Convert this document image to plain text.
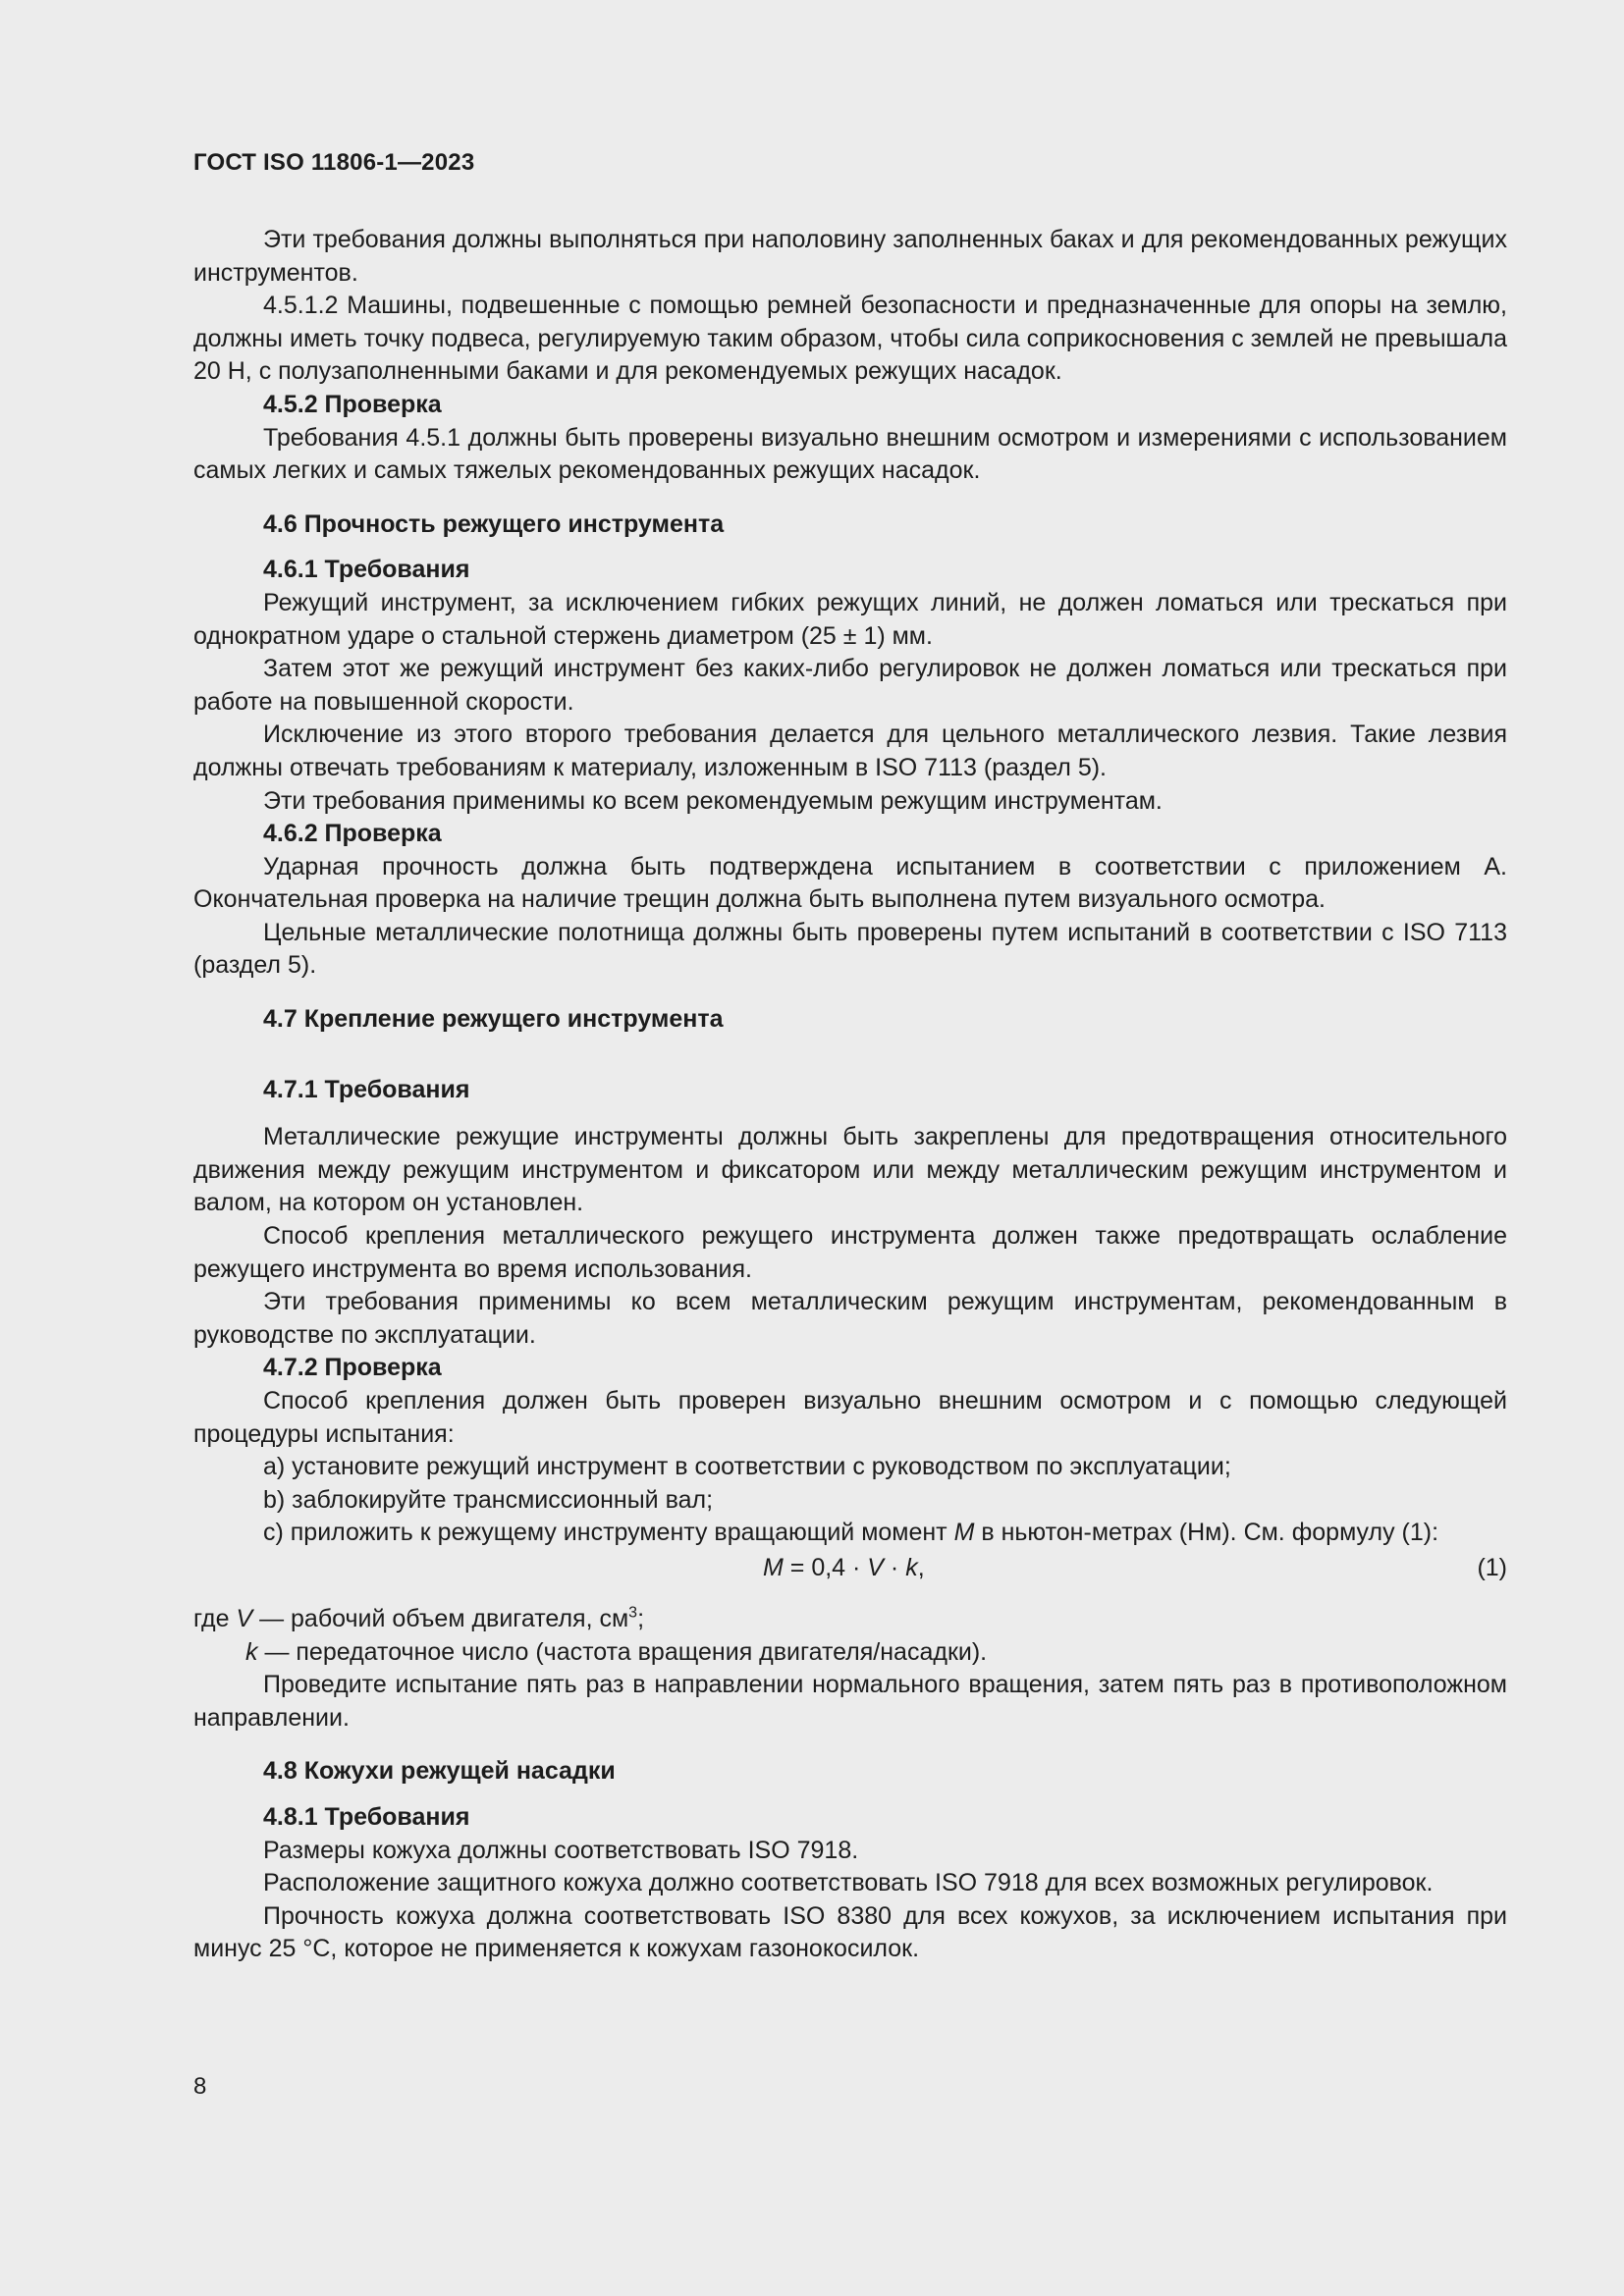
ГОСТ ISO 11806-1—2023

Эти требования должны выполняться при наполовину заполненных баках и для рекомендованных режущих инструментов.

4.5.1.2 Машины, подвешенные с помощью ремней безопасности и предназначенные для опоры на землю, должны иметь точку подвеса, регулируемую таким образом, чтобы сила соприкосновения с землей не превышала 20 Н, с полузаполненными баками и для рекомендуемых режущих насадок.

4.5.2 Проверка

Требования 4.5.1 должны быть проверены визуально внешним осмотром и измерениями с использованием самых легких и самых тяжелых рекомендованных режущих насадок.

4.6 Прочность режущего инструмента

4.6.1 Требования

Режущий инструмент, за исключением гибких режущих линий, не должен ломаться или трескаться при однократном ударе о стальной стержень диаметром (25 ± 1) мм.

Затем этот же режущий инструмент без каких-либо регулировок не должен ломаться или трескаться при работе на повышенной скорости.

Исключение из этого второго требования делается для цельного металлического лезвия. Такие лезвия должны отвечать требованиям к материалу, изложенным в ISO 7113 (раздел 5).

Эти требования применимы ко всем рекомендуемым режущим инструментам.

4.6.2 Проверка

Ударная прочность должна быть подтверждена испытанием в соответствии с приложением А. Окончательная проверка на наличие трещин должна быть выполнена путем визуального осмотра.

Цельные металлические полотнища должны быть проверены путем испытаний в соответствии с ISO 7113 (раздел 5).

4.7 Крепление режущего инструмента

4.7.1 Требования

Металлические режущие инструменты должны быть закреплены для предотвращения относительного движения между режущим инструментом и фиксатором или между металлическим режущим инструментом и валом, на котором он установлен.

Способ крепления металлического режущего инструмента должен также предотвращать ослабление режущего инструмента во время использования.

Эти требования применимы ко всем металлическим режущим инструментам, рекомендованным в руководстве по эксплуатации.

4.7.2 Проверка

Способ крепления должен быть проверен визуально внешним осмотром и с помощью следующей процедуры испытания:

а) установите режущий инструмент в соответствии с руководством по эксплуатации;

b) заблокируйте трансмиссионный вал;

с) приложить к режущему инструменту вращающий момент M в ньютон-метрах (Нм). См. формулу (1):

M = 0,4 · V · k,	(1)

где V — рабочий объем двигателя, $см^3$;

k — передаточное число (частота вращения двигателя/насадки).

Проведите испытание пять раз в направлении нормального вращения, затем пять раз в противоположном направлении.

4.8 Кожухи режущей насадки

4.8.1 Требования

Размеры кожуха должны соответствовать ISO 7918.

Расположение защитного кожуха должно соответствовать ISO 7918 для всех возможных регулировок.

Прочность кожуха должна соответствовать ISO 8380 для всех кожухов, за исключением испытания при минус 25 °С, которое не применяется к кожухам газонокосилок.

8
